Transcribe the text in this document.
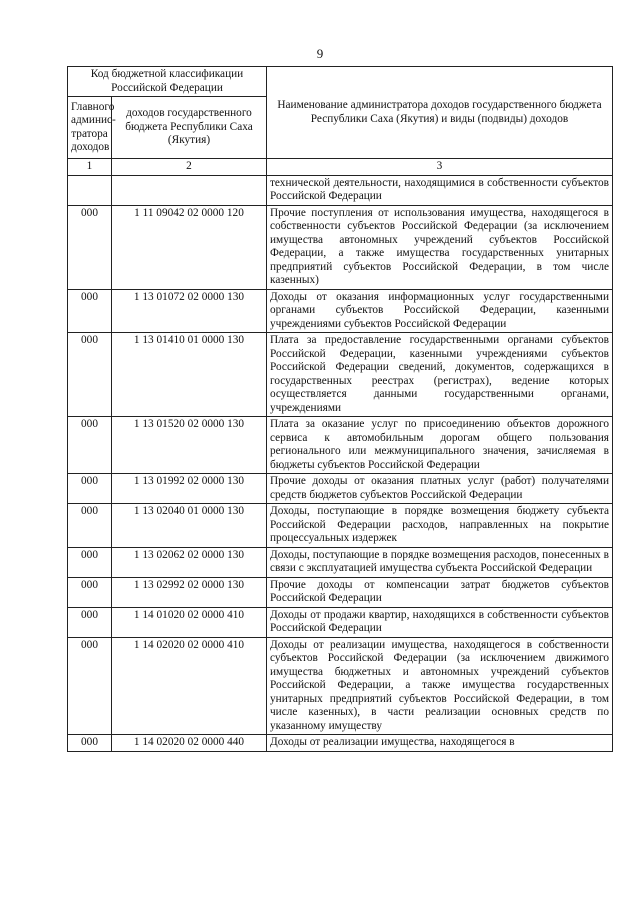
9
Код бюджетной классификации Российской Федерации		Наименование администратора доходов государственного бюджета Республики Саха (Якутия) и виды (подвиды) доходов
Главного админис-тратора доходов	доходов государственного бюджета Республики Саха (Якутия)	
1	2	3
		технической деятельности, находящимися в собственности субъектов Российской Федерации
000	1 11 09042 02 0000 120	Прочие поступления от использования имущества, находящегося в собственности субъектов Российской Федерации (за исключением имущества автономных учреждений субъектов Российской Федерации, а также имущества государственных унитарных предприятий субъектов Российской Федерации, в том числе казенных)
000	1 13 01072 02 0000 130	Доходы от оказания информационных услуг государственными органами субъектов Российской Федерации, казенными учреждениями субъектов Российской Федерации
000	1 13 01410 01 0000 130	Плата за предоставление государственными органами субъектов Российской Федерации, казенными учреждениями субъектов Российской Федерации сведений, документов, содержащихся в государственных реестрах (регистрах), ведение которых осуществляется данными государственными органами, учреждениями
000	1 13 01520 02 0000 130	Плата за оказание услуг по присоединению объектов дорожного сервиса к автомобильным дорогам общего пользования регионального или межмуниципального значения, зачисляемая в бюджеты субъектов Российской Федерации
000	1 13 01992 02 0000 130	Прочие доходы от оказания платных услуг (работ) получателями средств бюджетов субъектов Российской Федерации
000	1 13 02040 01 0000 130	Доходы, поступающие в порядке возмещения бюджету субъекта Российской Федерации расходов, направленных на покрытие процессуальных издержек
000	1 13 02062 02 0000 130	Доходы, поступающие в порядке возмещения расходов, понесенных в связи с эксплуатацией имущества субъекта Российской Федерации
000	1 13 02992 02 0000 130	Прочие доходы от компенсации затрат бюджетов субъектов Российской Федерации
000	1 14 01020 02 0000 410	Доходы от продажи квартир, находящихся в собственности субъектов Российской Федерации
000	1 14 02020 02 0000 410	Доходы от реализации имущества, находящегося в собственности субъектов Российской Федерации (за исключением движимого имущества бюджетных и автономных учреждений субъектов Российской Федерации, а также имущества государственных унитарных предприятий субъектов Российской Федерации, в том числе казенных), в части реализации основных средств по указанному имуществу
000	1 14 02020 02 0000 440	Доходы от реализации имущества, находящегося в
